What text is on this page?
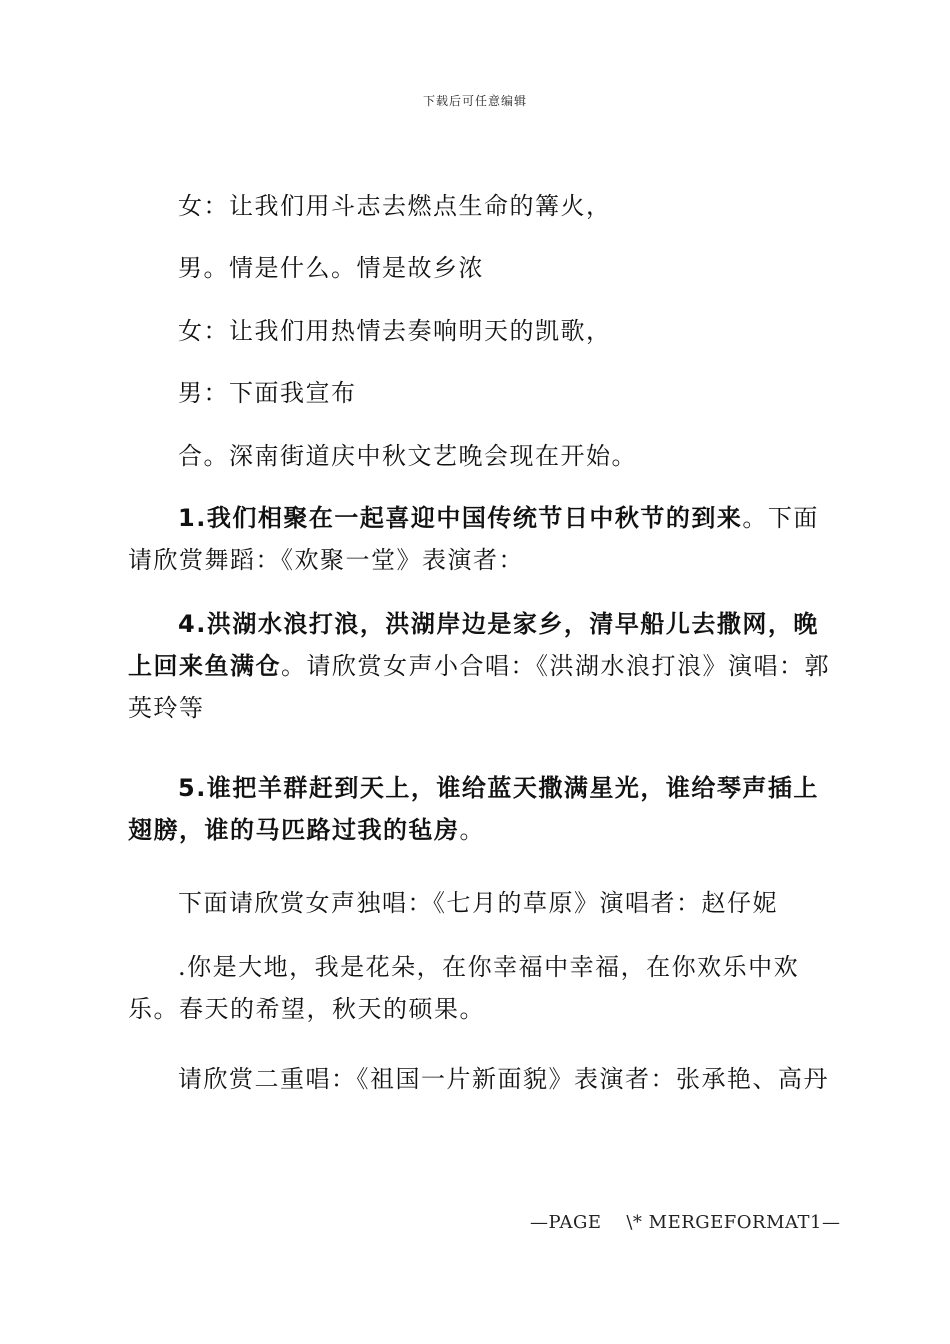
下载后可任意编辑
女：让我们用斗志去燃点生命的篝火，
男。情是什么。情是故乡浓
女：让我们用热情去奏响明天的凯歌，
男：下面我宣布
合。深南街道庆中秋文艺晚会现在开始。
1.我们相聚在一起喜迎中国传统节日中秋节的到来。下面请欣赏舞蹈：《欢聚一堂》表演者：
4.洪湖水浪打浪，洪湖岸边是家乡，清早船儿去撒网，晚上回来鱼满仓。请欣赏女声小合唱：《洪湖水浪打浪》演唱：郭英玲等
5.谁把羊群赶到天上，谁给蓝天撒满星光，谁给琴声插上翅膀，谁的马匹路过我的毡房。
下面请欣赏女声独唱：《七月的草原》演唱者：赵仔妮
.你是大地，我是花朵，在你幸福中幸福，在你欢乐中欢乐。春天的希望，秋天的硕果。
请欣赏二重唱：《祖国一片新面貌》表演者：张承艳、高丹
—PAGE    \* MERGEFORMAT1—
